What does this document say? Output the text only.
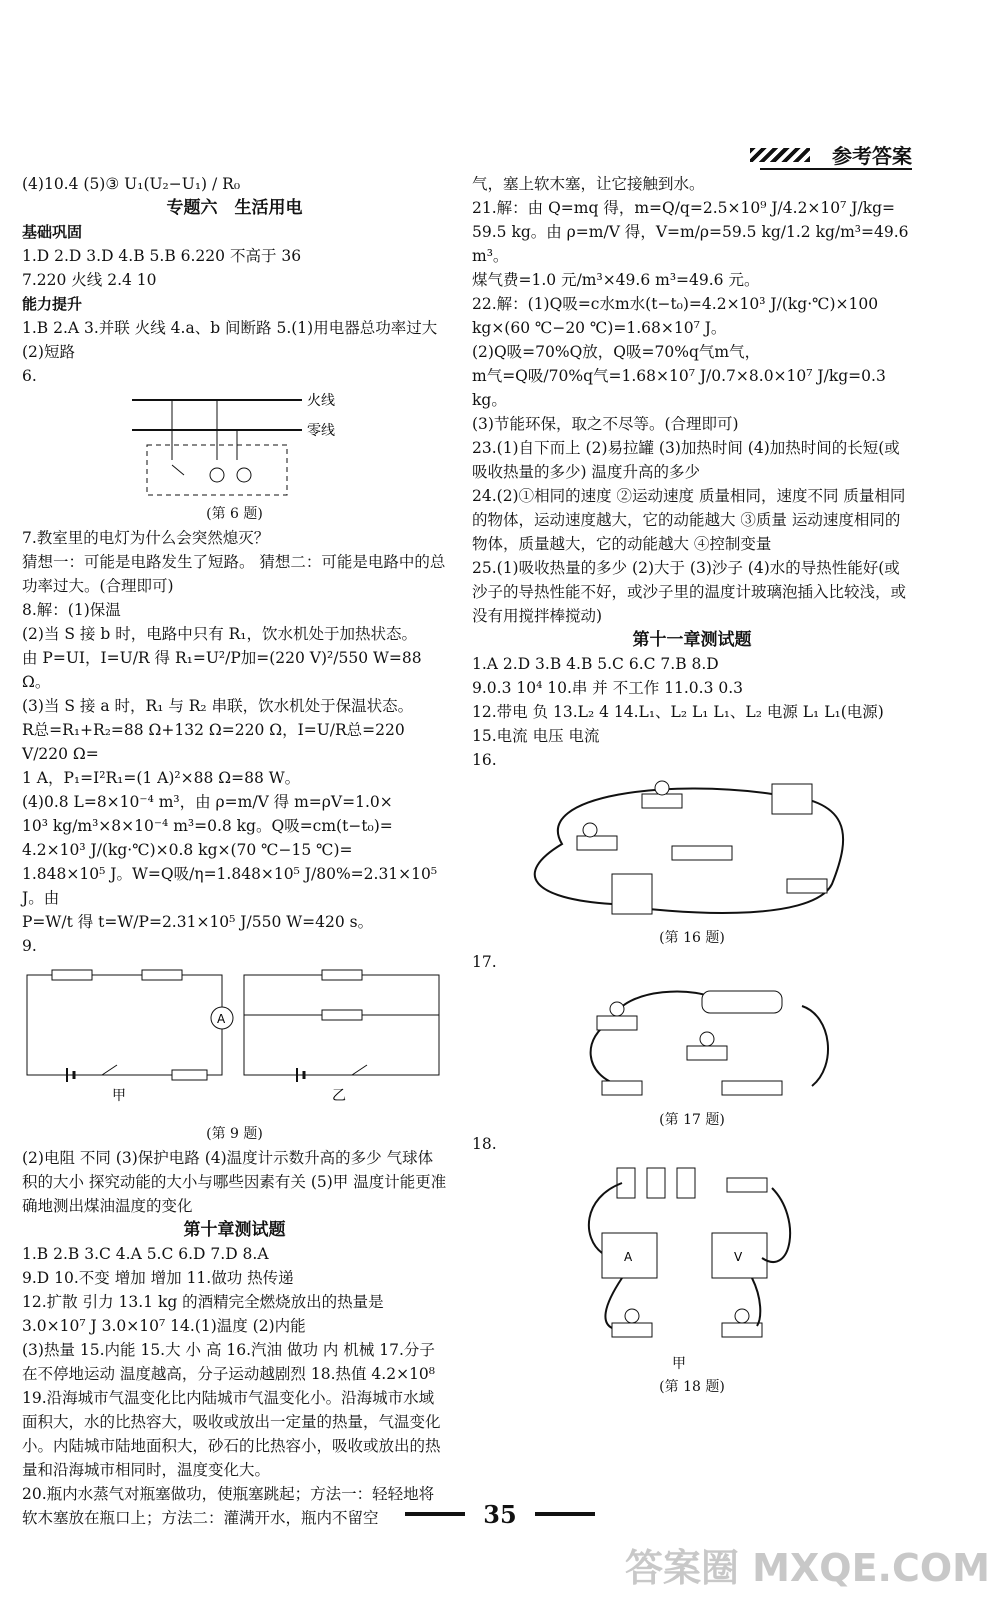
参考答案

(4)10.4 (5)③ U₁(U₂−U₁) / R₀

专题六　生活用电

基础巩固

1.D 2.D 3.D 4.B 5.B 6.220 不高于 36

7.220 火线 2.4 10

能力提升

1.B 2.A 3.并联 火线 4.a、b 间断路 5.(1)用电器总功率过大 (2)短路

6.

火线
零线

(第 6 题)

7.教室里的电灯为什么会突然熄灭？

猜想一：可能是电路发生了短路。 猜想二：可能是电路中的总功率过大。(合理即可)

8.解：(1)保温

(2)当 S 接 b 时，电路中只有 R₁，饮水机处于加热状态。

由 P=UI，I=U/R 得 R₁=U²/P加=(220 V)²/550 W=88 Ω。

(3)当 S 接 a 时，R₁ 与 R₂ 串联，饮水机处于保温状态。

R总=R₁+R₂=88 Ω+132 Ω=220 Ω，I=U/R总=220 V/220 Ω=

1 A，P₁=I²R₁=(1 A)²×88 Ω=88 W。

(4)0.8 L=8×10⁻⁴ m³，由 ρ=m/V 得 m=ρV=1.0×

10³ kg/m³×8×10⁻⁴ m³=0.8 kg。Q吸=cm(t−t₀)=

4.2×10³ J/(kg·℃)×0.8 kg×(70 ℃−15 ℃)=

1.848×10⁵ J。W=Q吸/η=1.848×10⁵ J/80%=2.31×10⁵ J。由

P=W/t 得 t=W/P=2.31×10⁵ J/550 W=420 s。

9.

A
甲	乙

(第 9 题)

(2)电阻 不同 (3)保护电路 (4)温度计示数升高的多少 气球体积的大小 探究动能的大小与哪些因素有关 (5)甲 温度计能更准确地测出煤油温度的变化

第十章测试题

1.B 2.B 3.C 4.A 5.C 6.D 7.D 8.A

9.D 10.不变 增加 增加 11.做功 热传递

12.扩散 引力 13.1 kg 的酒精完全燃烧放出的热量是 3.0×10⁷ J 3.0×10⁷ 14.(1)温度 (2)内能

(3)热量 15.内能 15.大 小 高 16.汽油 做功 内 机械 17.分子在不停地运动 温度越高，分子运动越剧烈 18.热值 4.2×10⁸

19.沿海城市气温变化比内陆城市气温变化小。沿海城市水域面积大，水的比热容大，吸收或放出一定量的热量，气温变化小。内陆城市陆地面积大，砂石的比热容小，吸收或放出的热量和沿海城市相同时，温度变化大。

20.瓶内水蒸气对瓶塞做功，使瓶塞跳起；方法一：轻轻地将软木塞放在瓶口上；方法二：灌满开水，瓶内不留空

气，塞上软木塞，让它接触到水。

21.解：由 Q=mq 得，m=Q/q=2.5×10⁹ J/4.2×10⁷ J/kg=

59.5 kg。由 ρ=m/V 得，V=m/ρ=59.5 kg/1.2 kg/m³=49.6 m³。

煤气费=1.0 元/m³×49.6 m³=49.6 元。

22.解：(1)Q吸=c水m水(t−t₀)=4.2×10³ J/(kg·℃)×100 kg×(60 ℃−20 ℃)=1.68×10⁷ J。

(2)Q吸=70%Q放，Q吸=70%q气m气，

m气=Q吸/70%q气=1.68×10⁷ J/0.7×8.0×10⁷ J/kg=0.3 kg。

(3)节能环保，取之不尽等。(合理即可)

23.(1)自下而上 (2)易拉罐 (3)加热时间 (4)加热时间的长短(或吸收热量的多少) 温度升高的多少

24.(2)①相同的速度 ②运动速度 质量相同，速度不同 质量相同的物体，运动速度越大，它的动能越大 ③质量 运动速度相同的物体，质量越大，它的动能越大 ④控制变量

25.(1)吸收热量的多少 (2)大于 (3)沙子 (4)水的导热性能好(或沙子的导热性能不好，或沙子里的温度计玻璃泡插入比较浅，或没有用搅拌棒搅动)

第十一章测试题

1.A 2.D 3.B 4.B 5.C 6.C 7.B 8.D

9.0.3 10⁴ 10.串 并 不工作 11.0.3 0.3

12.带电 负 13.L₂ 4 14.L₁、L₂ L₁ L₁、L₂ 电源 L₁ L₁(电源) 15.电流 电压 电流

16.

(第 16 题)

17.

(第 17 题)

18.

A	V
甲

(第 18 题)

35
答案圈 MXQE.COM
